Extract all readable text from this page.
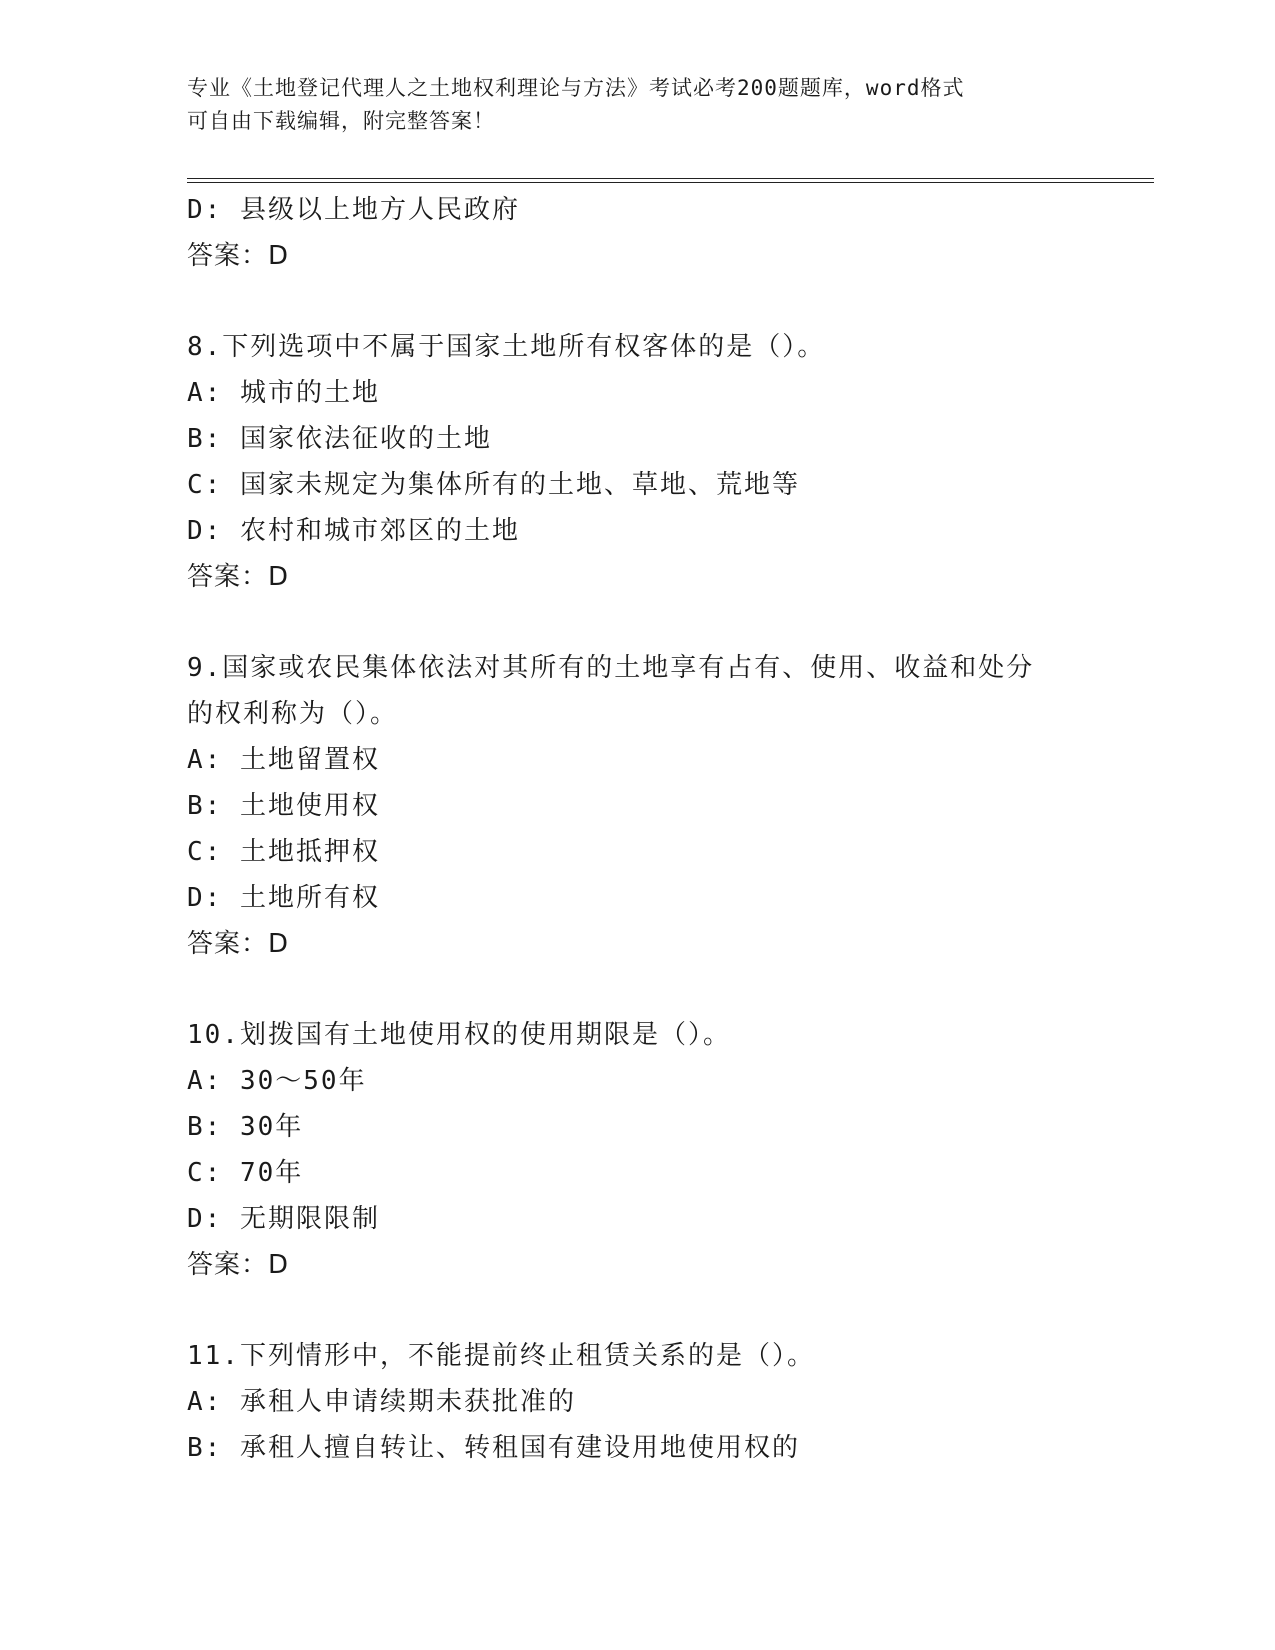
专业《土地登记代理人之土地权利理论与方法》考试必考200题题库，word格式
可自由下载编辑，附完整答案！
D: 县级以上地方人民政府
答案：D
8.下列选项中不属于国家土地所有权客体的是（）。
A: 城市的土地
B: 国家依法征收的土地
C: 国家未规定为集体所有的土地、草地、荒地等
D: 农村和城市郊区的土地
答案：D
9.国家或农民集体依法对其所有的土地享有占有、使用、收益和处分
的权利称为（）。
A: 土地留置权
B: 土地使用权
C: 土地抵押权
D: 土地所有权
答案：D
10.划拨国有土地使用权的使用期限是（）。
A: 30～50年
B: 30年
C: 70年
D: 无期限限制
答案：D
11.下列情形中，不能提前终止租赁关系的是（）。
A: 承租人申请续期未获批准的
B: 承租人擅自转让、转租国有建设用地使用权的
